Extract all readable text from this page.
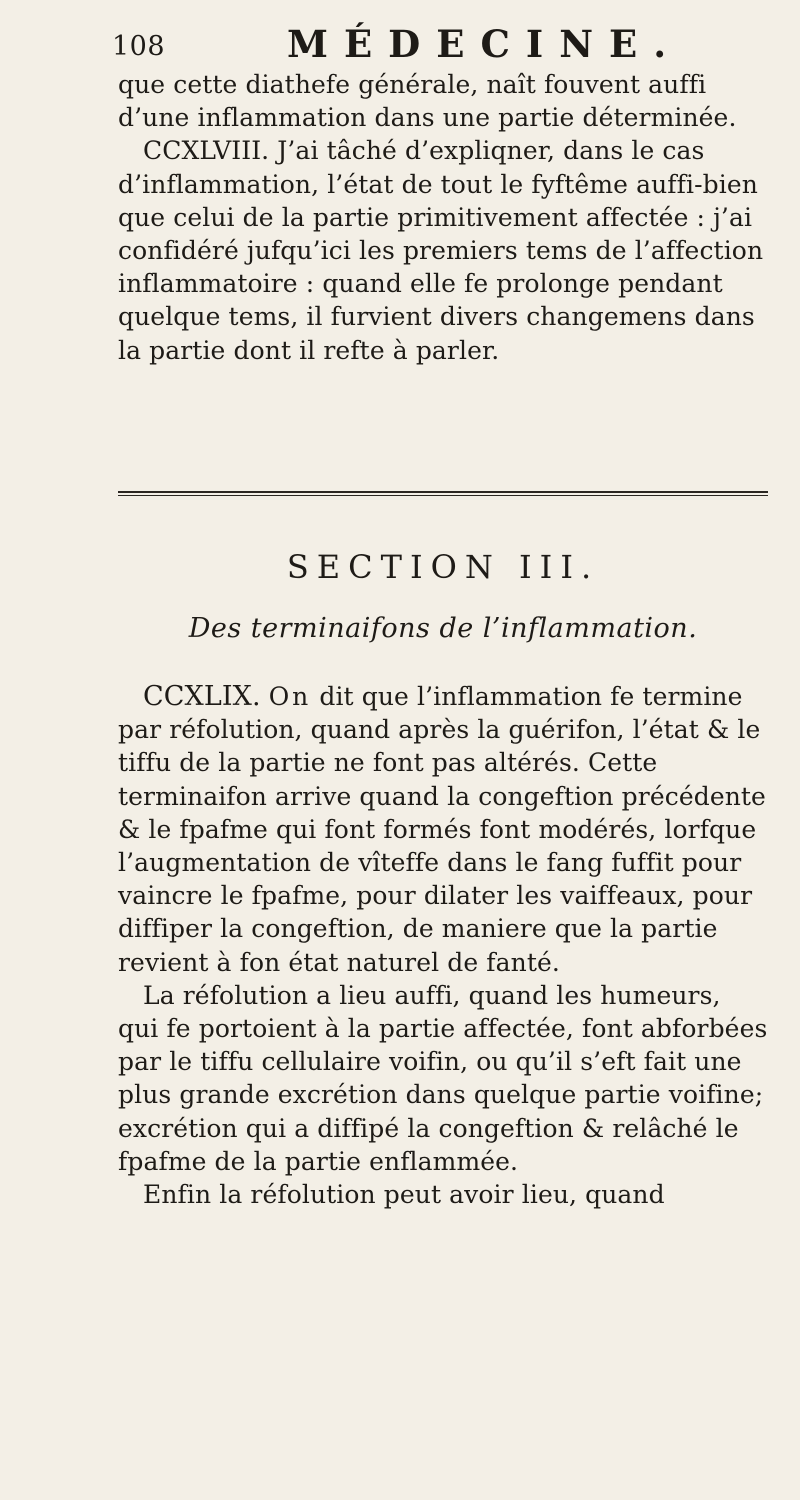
108	MÉDECINE.

que cette diathefe générale, naît fouvent auffi d’une inflammation dans une partie déterminée.

CCXLVIII. J’ai tâché d’expliqner, dans le cas d’inflammation, l’état de tout le fyftême auffi-bien que celui de la partie primitivement affectée : j’ai confidéré jufqu’ici les premiers tems de l’affection inflammatoire : quand elle fe prolonge pendant quelque tems, il furvient divers changemens dans la partie dont il refte à parler.

SECTION III.
Des terminaifons de l’inflammation.

CCXLIX. On dit que l’inflammation fe termine par réfolution, quand après la guérifon, l’état & le tiffu de la partie ne font pas altérés. Cette terminaifon arrive quand la congeftion précédente & le fpafme qui font formés font modérés, lorfque l’augmentation de vîteffe dans le fang fuffit pour vaincre le fpafme, pour dilater les vaiffeaux, pour diffiper la congeftion, de maniere que la partie revient à fon état naturel de fanté.

La réfolution a lieu auffi, quand les humeurs, qui fe portoient à la partie affectée, font abforbées par le tiffu cellulaire voifin, ou qu’il s’eft fait une plus grande excrétion dans quelque partie voifine; excrétion qui a diffipé la congeftion & relâché le fpafme de la partie enflammée.

Enfin la réfolution peut avoir lieu, quand
